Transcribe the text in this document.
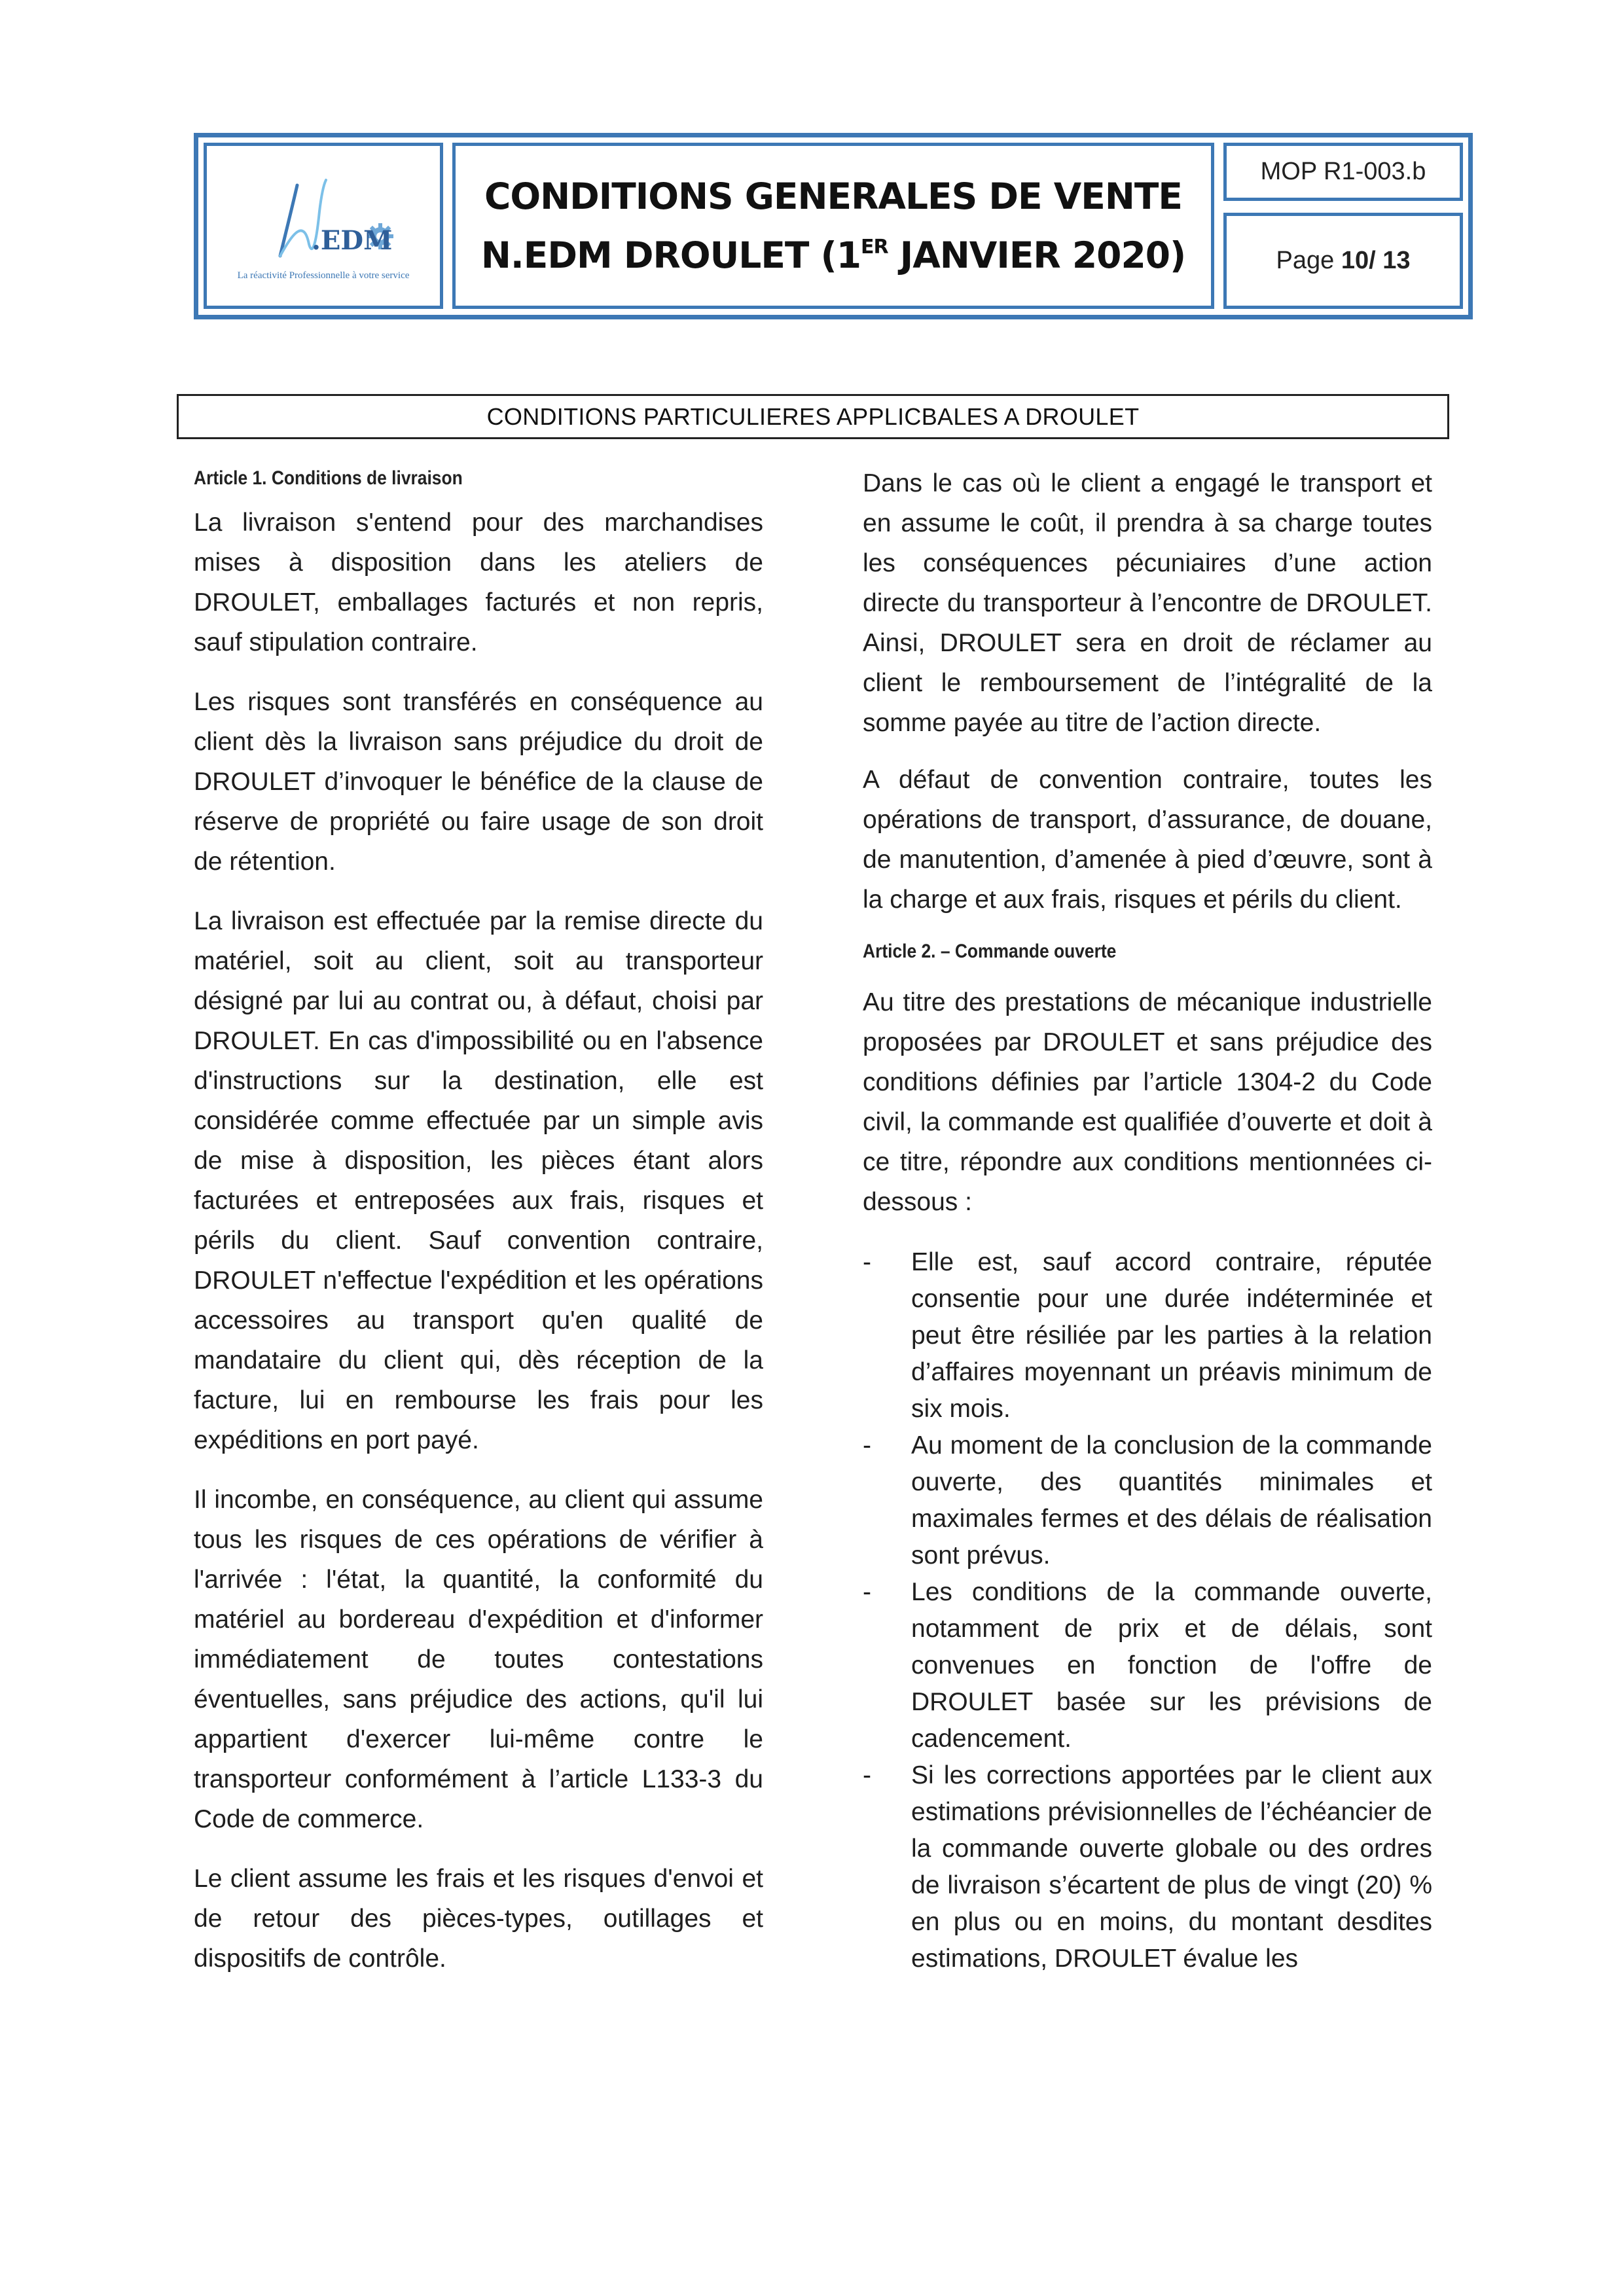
.EDM
La réactivité Professionnelle à votre service
CONDITIONS GENERALES DE VENTE
N.EDM DROULET (1ER JANVIER 2020)
MOP R1-003.b
Page 10/ 13
CONDITIONS PARTICULIERES APPLICBALES A DROULET
Article 1. Conditions de livraison

La livraison s'entend pour des marchandises mises à disposition dans les ateliers de DROULET, emballages facturés et non repris, sauf stipulation contraire.

Les risques sont transférés en conséquence au client dès la livraison sans préjudice du droit de DROULET d’invoquer le bénéfice de la clause de réserve de propriété ou faire usage de son droit de rétention.

La livraison est effectuée par la remise directe du matériel, soit au client, soit au transporteur désigné par lui au contrat ou, à défaut, choisi par DROULET. En cas d'impossibilité ou en l'absence d'instructions sur la destination, elle est considérée comme effectuée par un simple avis de mise à disposition, les pièces étant alors facturées et entreposées aux frais, risques et périls du client. Sauf convention contraire, DROULET n'effectue l'expédition et les opérations accessoires au transport qu'en qualité de mandataire du client qui, dès réception de la facture, lui en rembourse les frais pour les expéditions en port payé.

Il incombe, en conséquence, au client qui assume tous les risques de ces opérations de vérifier à l'arrivée : l'état, la quantité, la conformité du matériel au bordereau d'expédition et d'informer immédiatement de toutes contestations éventuelles, sans préjudice des actions, qu'il lui appartient d'exercer lui-même contre le transporteur conformément à l’article L133-3 du Code de commerce.

Le client assume les frais et les risques d'envoi et de retour des pièces-types, outillages et dispositifs de contrôle.

Dans le cas où le client a engagé le transport et en assume le coût, il prendra à sa charge toutes les conséquences pécuniaires d’une action directe du transporteur à l’encontre de DROULET. Ainsi, DROULET sera en droit de réclamer au client le remboursement de l’intégralité de la somme payée au titre de l’action directe.

A défaut de convention contraire, toutes les opérations de transport, d’assurance, de douane, de manutention, d’amenée à pied d’œuvre, sont à la charge et aux frais, risques et périls du client.

Article 2. – Commande ouverte

Au titre des prestations de mécanique industrielle proposées par DROULET et sans préjudice des conditions définies par l’article 1304-2 du Code civil, la commande est qualifiée d’ouverte et doit à ce titre, répondre aux conditions mentionnées ci-dessous :

- Elle est, sauf accord contraire, réputée consentie pour une durée indéterminée et peut être résiliée par les parties à la relation d’affaires moyennant un préavis minimum de six mois.
- Au moment de la conclusion de la commande ouverte, des quantités minimales et maximales fermes et des délais de réalisation sont prévus.
- Les conditions de la commande ouverte, notamment de prix et de délais, sont convenues en fonction de l'offre de DROULET basée sur les prévisions de cadencement.
- Si les corrections apportées par le client aux estimations prévisionnelles de l’échéancier de la commande ouverte globale ou des ordres de livraison s’écartent de plus de vingt (20) % en plus ou en moins, du montant desdites estimations, DROULET évalue les
